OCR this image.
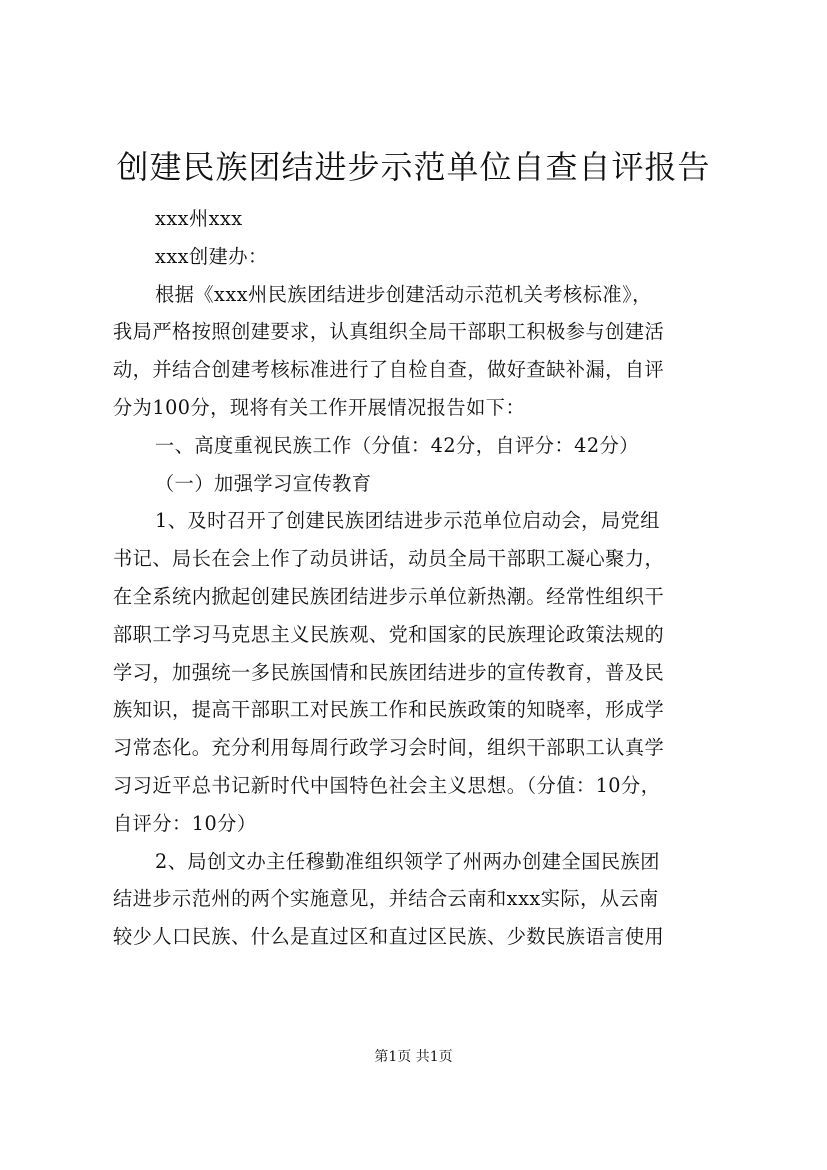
创建民族团结进步示范单位自查自评报告
xxx州xxx
xxx创建办：
根据《xxx州民族团结进步创建活动示范机关考核标准》，
我局严格按照创建要求，认真组织全局干部职工积极参与创建活
动，并结合创建考核标准进行了自检自查，做好查缺补漏，自评
分为100分，现将有关工作开展情况报告如下：
一、高度重视民族工作（分值：42分，自评分：42分）
（一）加强学习宣传教育
1、及时召开了创建民族团结进步示范单位启动会，局党组
书记、局长在会上作了动员讲话，动员全局干部职工凝心聚力，
在全系统内掀起创建民族团结进步示单位新热潮。经常性组织干
部职工学习马克思主义民族观、党和国家的民族理论政策法规的
学习，加强统一多民族国情和民族团结进步的宣传教育，普及民
族知识，提高干部职工对民族工作和民族政策的知晓率，形成学
习常态化。充分利用每周行政学习会时间，组织干部职工认真学
习习近平总书记新时代中国特色社会主义思想。（分值：10分，
自评分：10分）
2、局创文办主任穆勤准组织领学了州两办创建全国民族团
结进步示范州的两个实施意见，并结合云南和xxx实际，从云南
较少人口民族、什么是直过区和直过区民族、少数民族语言使用
第1页 共1页
